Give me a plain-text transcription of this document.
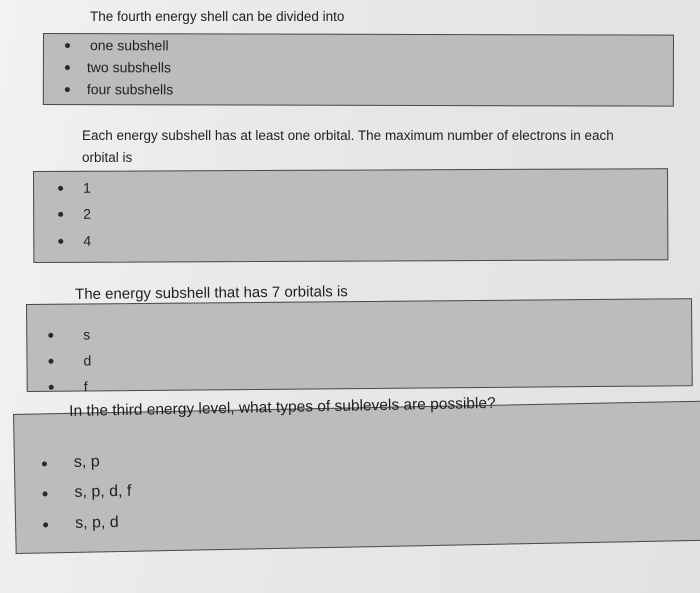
The fourth energy shell can be divided into
one subshell
two subshells
four subshells
Each energy subshell has at least one orbital. The maximum number of electrons in each orbital is
1
2
4
The energy subshell that has 7 orbitals is
s
d
f
s, p
s, p, d, f
s, p, d
In the third energy level, what types of sublevels are possible?
